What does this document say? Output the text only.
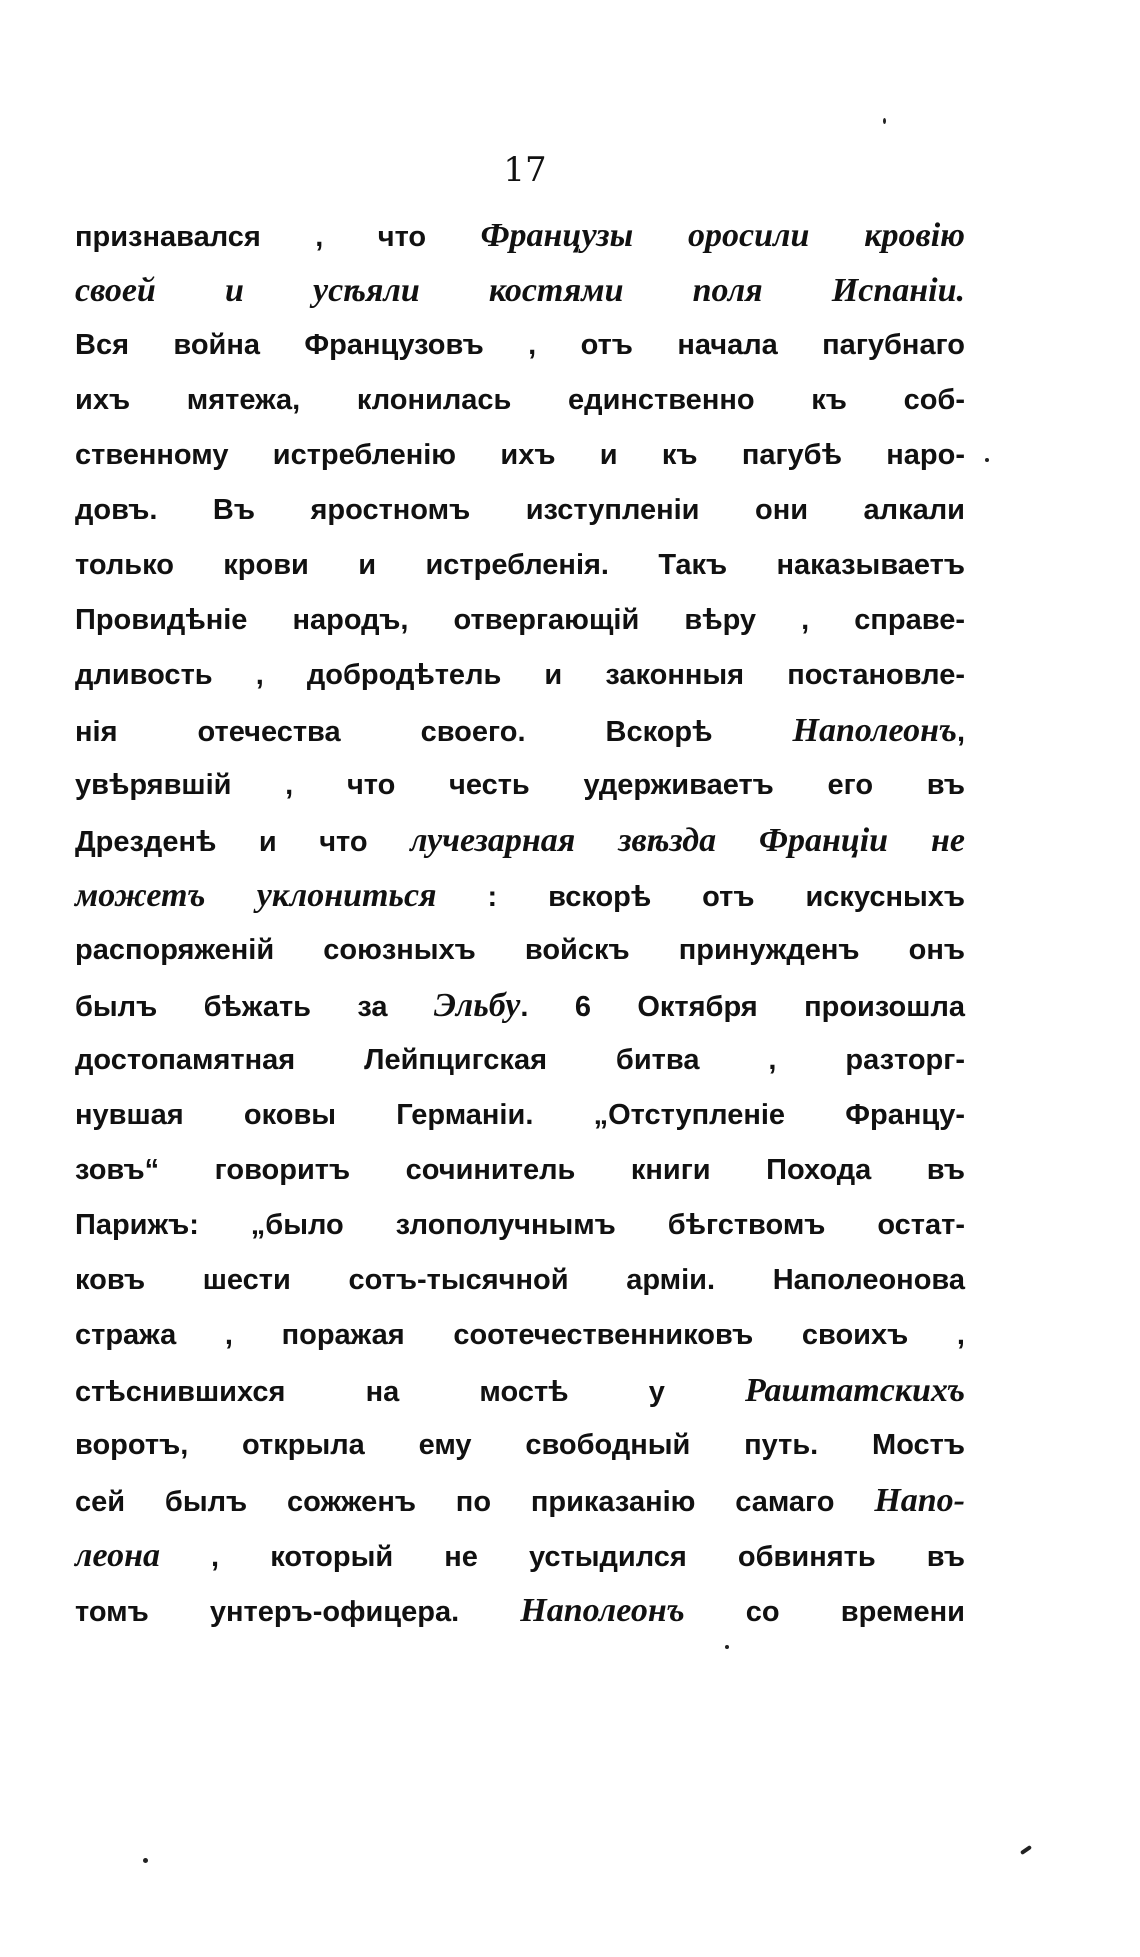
17
признавался , что Французы оросили кровію
своей и усѣяли костями поля Испаніи.
Вся война Французовъ , отъ начала пагубнаго
ихъ мятежа, клонилась единственно къ соб-
ственному истребленію ихъ и къ пагубѣ наро-
довъ. Въ яростномъ изступленіи они алкали
только крови и истребленія. Такъ наказываетъ
Провидѣніе народъ, отвергающій вѣру , справе-
дливость , добродѣтель и законныя постановле-
нія отечества своего. Вскорѣ Наполеонъ,
увѣрявшій , что честь удерживаетъ его въ
Дрезденѣ и что лучезарная звѣзда Франціи не
можетъ уклониться : вскорѣ отъ искусныхъ
распоряженій союзныхъ войскъ принужденъ онъ
былъ бѣжать за Эльбу. 6 Октября произошла
достопамятная Лейпцигская битва , разторг-
нувшая оковы Германіи. „Отступленіе Францу-
зовъ“ говоритъ сочинитель книги Похода въ
Парижъ: „было злополучнымъ бѣгствомъ остат-
ковъ шести сотъ-тысячной арміи. Наполеонова
стража , поражая соотечественниковъ своихъ ,
стѣснившихся на мостѣ у Раштатскихъ
воротъ, открыла ему свободный путь. Мостъ
сей былъ сожженъ по приказанію самаго Напо-
леона , который не устыдился обвинять въ
томъ унтеръ-офицера. Наполеонъ со времени
